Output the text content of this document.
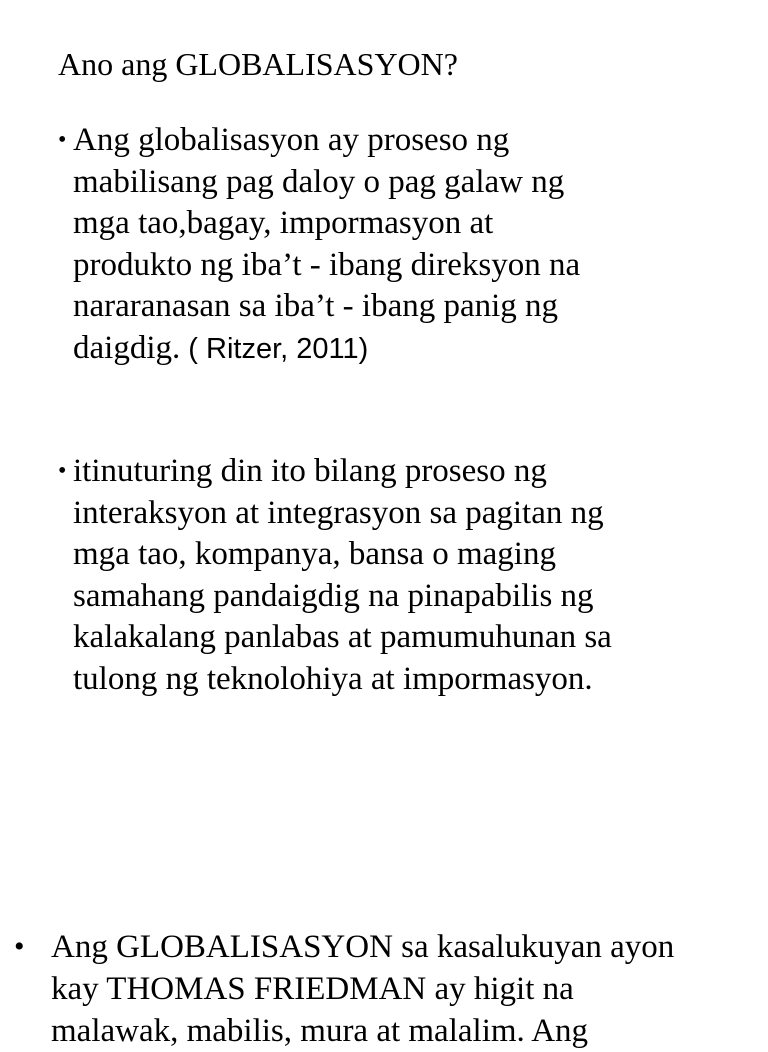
Ano ang GLOBALISASYON?
• Ang globalisasyon ay proseso ng
mabilisang pag daloy o pag galaw ng
mga tao,bagay, impormasyon at
produkto ng iba’t - ibang direksyon na
nararanasan sa iba’t - ibang panig ng
daigdig. ( Ritzer, 2011)
• itinuturing din ito bilang proseso ng
interaksyon at integrasyon sa pagitan ng
mga tao, kompanya, bansa o maging
samahang pandaigdig na pinapabilis ng
kalakalang panlabas at pamumuhunan sa
tulong ng teknolohiya at impormasyon.
• Ang GLOBALISASYON sa kasalukuyan ayon
kay THOMAS FRIEDMAN ay higit na
malawak, mabilis, mura at malalim. Ang
